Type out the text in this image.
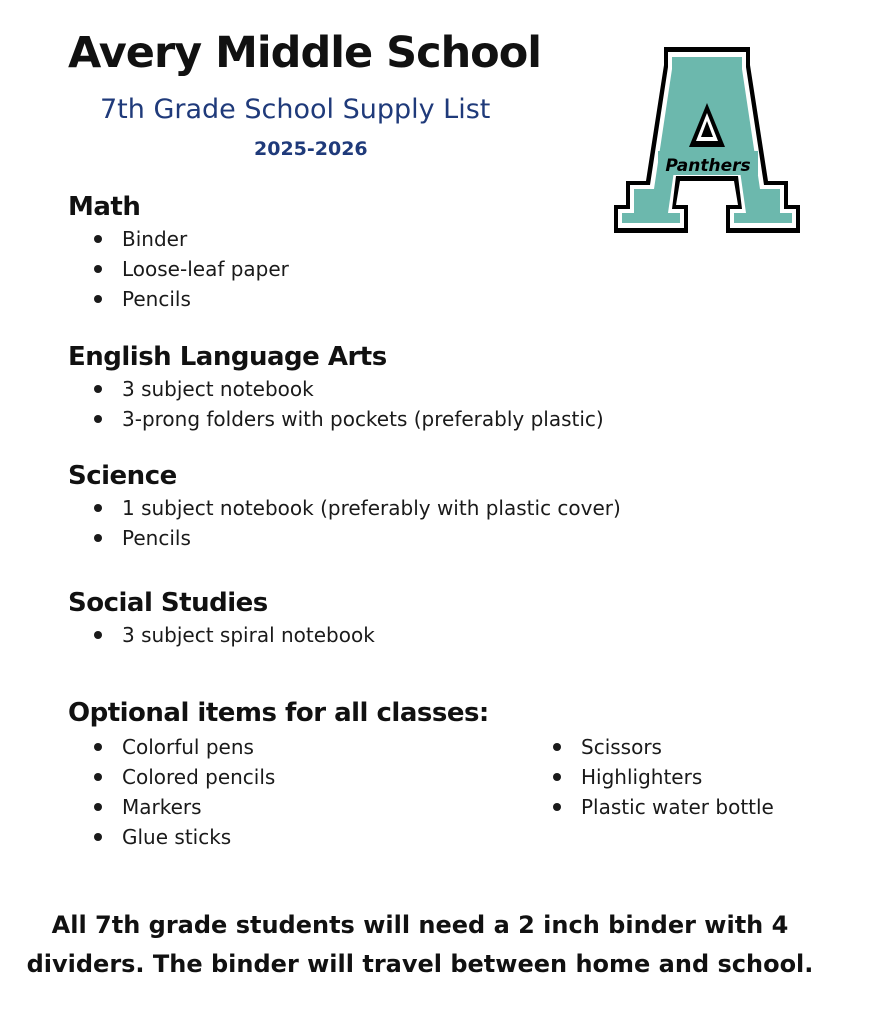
Avery Middle School
7th Grade School Supply List
2025-2026
Panthers
Math
Binder
Loose-leaf paper
Pencils
English Language Arts
3 subject notebook
3-prong folders with pockets (preferably plastic)
Science
1 subject notebook (preferably with plastic cover)
Pencils
Social Studies
3 subject spiral notebook
Optional items for all classes:
Colorful pens
Colored pencils
Markers
Glue sticks
Scissors
Highlighters
Plastic water bottle

All 7th grade students will need a 2 inch binder with 4
dividers. The binder will travel between home and school.
